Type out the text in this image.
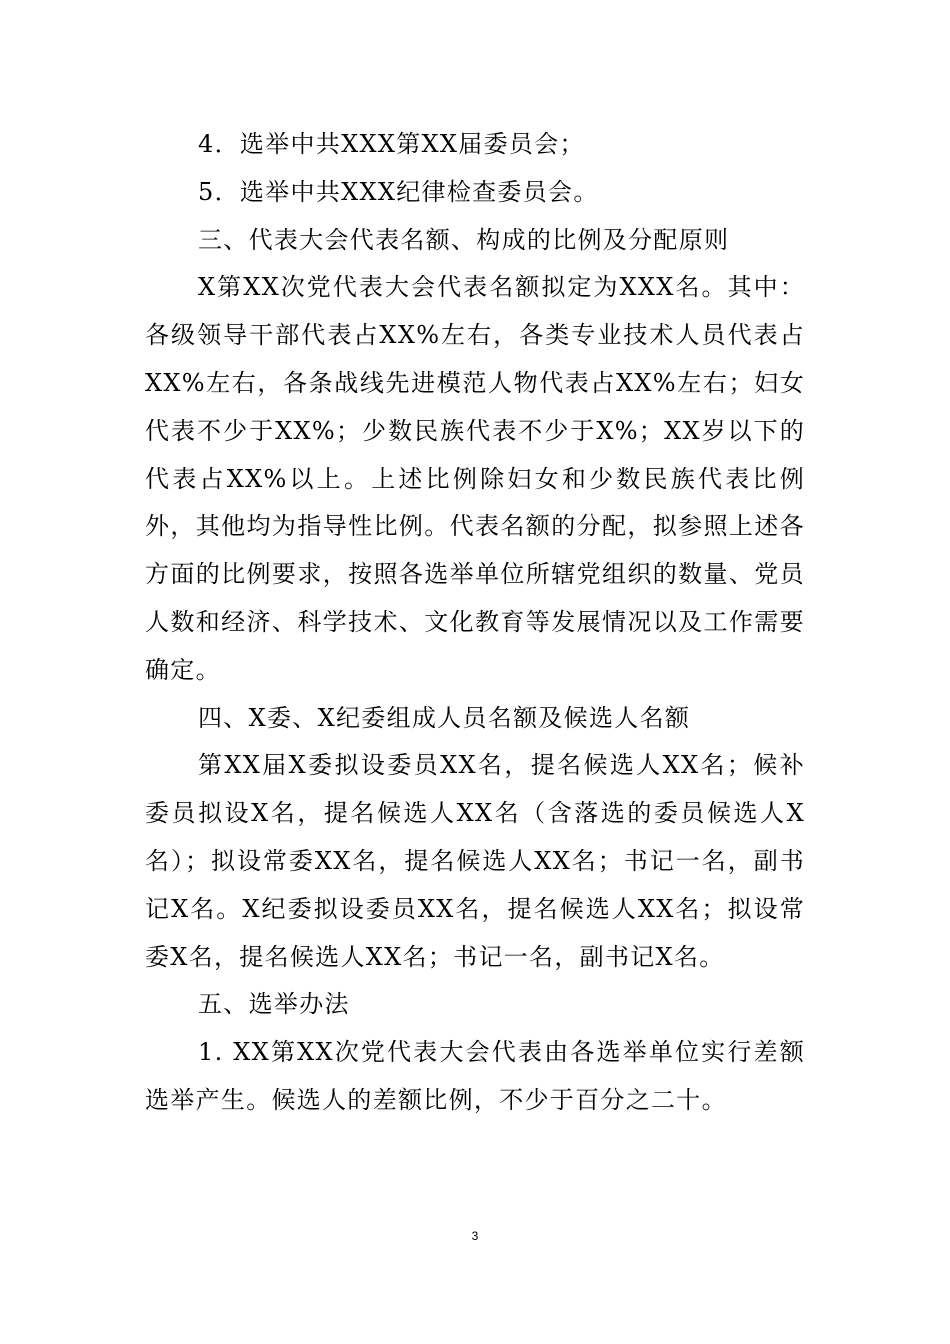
4．选举中共XXX第XX届委员会；

5．选举中共XXX纪律检查委员会。

三、代表大会代表名额、构成的比例及分配原则

X第XX次党代表大会代表名额拟定为XXX名。其中：各级领导干部代表占XX%左右，各类专业技术人员代表占XX%左右，各条战线先进模范人物代表占XX%左右；妇女代表不少于XX%；少数民族代表不少于X%；XX岁以下的代表占XX%以上。上述比例除妇女和少数民族代表比例外，其他均为指导性比例。代表名额的分配，拟参照上述各方面的比例要求，按照各选举单位所辖党组织的数量、党员人数和经济、科学技术、文化教育等发展情况以及工作需要确定。

四、X委、X纪委组成人员名额及候选人名额

第XX届X委拟设委员XX名，提名候选人XX名；候补委员拟设X名，提名候选人XX名（含落选的委员候选人X名）；拟设常委XX名，提名候选人XX名；书记一名，副书记X名。X纪委拟设委员XX名，提名候选人XX名；拟设常委X名，提名候选人XX名；书记一名，副书记X名。

五、选举办法

1. XX第XX次党代表大会代表由各选举单位实行差额选举产生。候选人的差额比例，不少于百分之二十。

3
